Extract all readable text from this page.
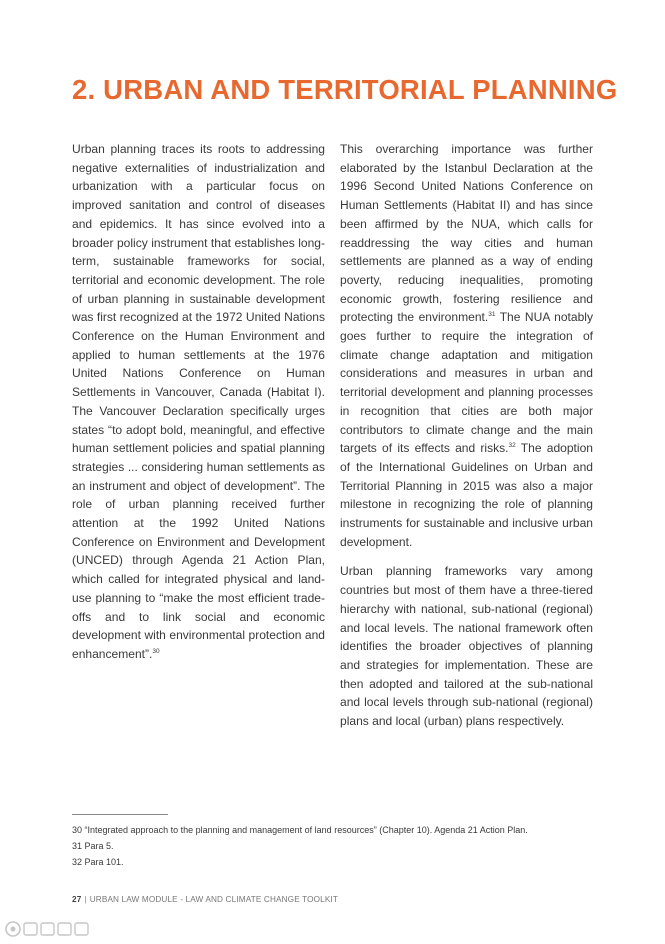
2. URBAN AND TERRITORIAL PLANNING

Urban planning traces its roots to addressing negative externalities of industrialization and urbanization with a particular focus on improved sanitation and control of diseases and epidemics. It has since evolved into a broader policy instrument that establishes long-term, sustainable frameworks for social, territorial and economic development. The role of urban planning in sustainable development was first recognized at the 1972 United Nations Conference on the Human Environment and applied to human settlements at the 1976 United Nations Conference on Human Settlements in Vancouver, Canada (Habitat I). The Vancouver Declaration specifically urges states “to adopt bold, meaningful, and effective human settlement policies and spatial planning strategies ... considering human settlements as an instrument and object of development”. The role of urban planning received further attention at the 1992 United Nations Conference on Environment and Development (UNCED) through Agenda 21 Action Plan, which called for integrated physical and land-use planning to “make the most efficient trade-offs and to link social and economic development with environmental protection and enhancement”.$^{30}$

This overarching importance was further elaborated by the Istanbul Declaration at the 1996 Second United Nations Conference on Human Settlements (Habitat II) and has since been affirmed by the NUA, which calls for readdressing the way cities and human settlements are planned as a way of ending poverty, reducing inequalities, promoting economic growth, fostering resilience and protecting the environment.$^{31}$ The NUA notably goes further to require the integration of climate change adaptation and mitigation considerations and measures in urban and territorial development and planning processes in recognition that cities are both major contributors to climate change and the main targets of its effects and risks.$^{32}$ The adoption of the International Guidelines on Urban and Territorial Planning in 2015 was also a major milestone in recognizing the role of planning instruments for sustainable and inclusive urban development.

Urban planning frameworks vary among countries but most of them have a three-tiered hierarchy with national, sub-national (regional) and local levels. The national framework often identifies the broader objectives of planning and strategies for implementation. These are then adopted and tailored at the sub-national and local levels through sub-national (regional) plans and local (urban) plans respectively.

30 “Integrated approach to the planning and management of land resources” (Chapter 10). Agenda 21 Action Plan.
31 Para 5.
32 Para 101.
27 | URBAN LAW MODULE - LAW AND CLIMATE CHANGE TOOLKIT
